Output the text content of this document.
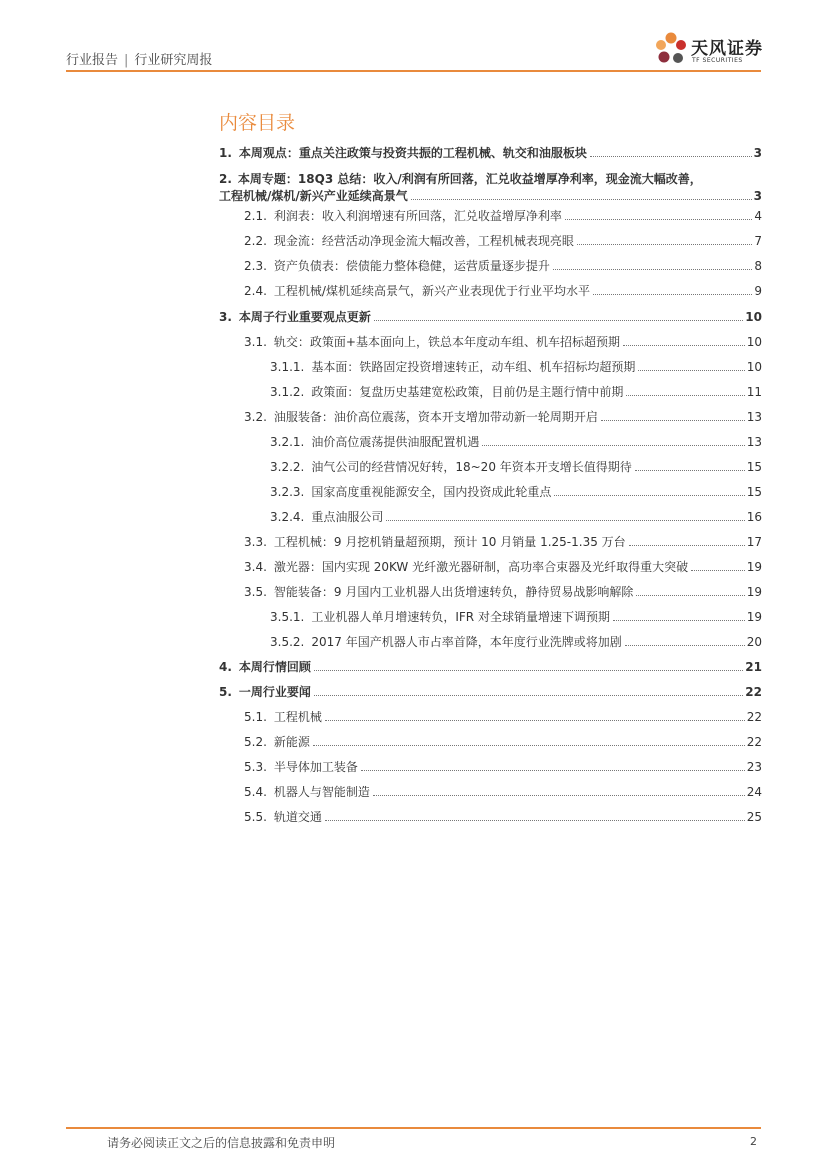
行业报告 | 行业研究周报
天风证券
TF SECURITIES
内容目录
1. 本周观点：重点关注政策与投资共振的工程机械、轨交和油服板块	3
2. 本周专题：18Q3 总结：收入/利润有所回落，汇兑收益增厚净利率，现金流大幅改善，
工程机械/煤机/新兴产业延续高景气	3
2.1. 利润表：收入利润增速有所回落，汇兑收益增厚净利率	4
2.2. 现金流：经营活动净现金流大幅改善，工程机械表现亮眼	7
2.3. 资产负债表：偿债能力整体稳健，运营质量逐步提升	8
2.4. 工程机械/煤机延续高景气，新兴产业表现优于行业平均水平	9
3. 本周子行业重要观点更新	10
3.1. 轨交：政策面+基本面向上，铁总本年度动车组、机车招标超预期	10
3.1.1. 基本面：铁路固定投资增速转正，动车组、机车招标均超预期	10
3.1.2. 政策面：复盘历史基建宽松政策，目前仍是主题行情中前期	11
3.2. 油服装备：油价高位震荡，资本开支增加带动新一轮周期开启	13
3.2.1. 油价高位震荡提供油服配置机遇	13
3.2.2. 油气公司的经营情况好转，18~20 年资本开支增长值得期待	15
3.2.3. 国家高度重视能源安全，国内投资成此轮重点	15
3.2.4. 重点油服公司	16
3.3. 工程机械：9 月挖机销量超预期，预计 10 月销量 1.25-1.35 万台	17
3.4. 激光器：国内实现 20KW 光纤激光器研制，高功率合束器及光纤取得重大突破	19
3.5. 智能装备：9 月国内工业机器人出货增速转负，静待贸易战影响解除	19
3.5.1. 工业机器人单月增速转负，IFR 对全球销量增速下调预期	19
3.5.2. 2017 年国产机器人市占率首降，本年度行业洗牌或将加剧	20
4. 本周行情回顾	21
5. 一周行业要闻	22
5.1. 工程机械	22
5.2. 新能源	22
5.3. 半导体加工装备	23
5.4. 机器人与智能制造	24
5.5. 轨道交通	25
请务必阅读正文之后的信息披露和免责申明	2
